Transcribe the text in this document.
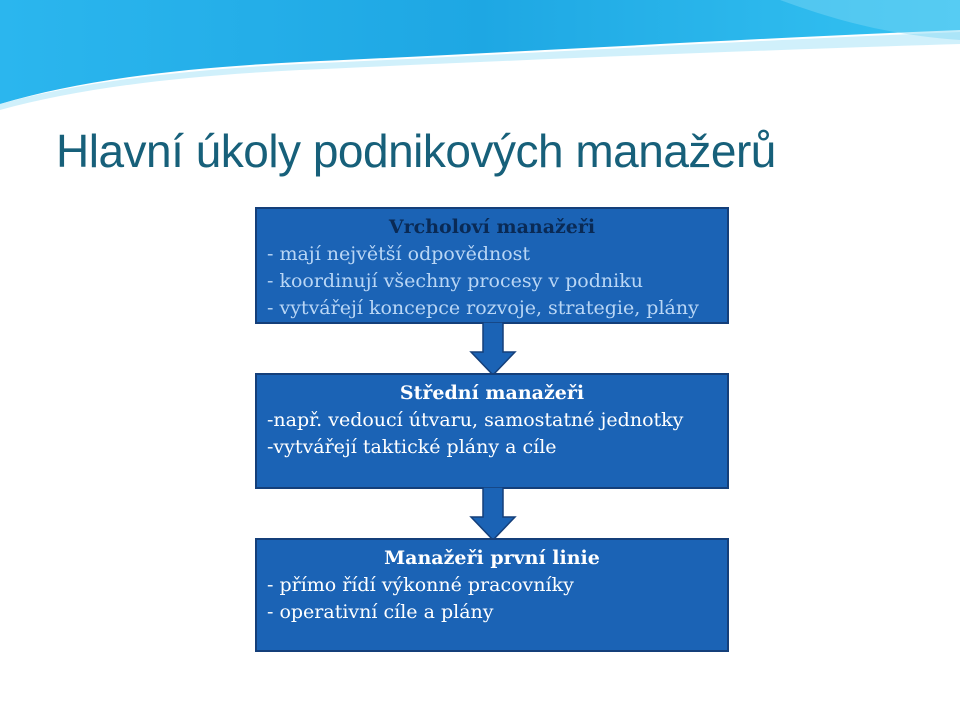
Hlavní úkoly podnikových manažerů
Vrcholoví manažeři
- mají největší odpovědnost
- koordinují všechny procesy v podniku
- vytvářejí koncepce rozvoje, strategie, plány
Střední manažeři
-např. vedoucí útvaru, samostatné jednotky
-vytvářejí taktické plány a cíle
Manažeři první linie
- přímo řídí výkonné pracovníky
- operativní cíle a plány
